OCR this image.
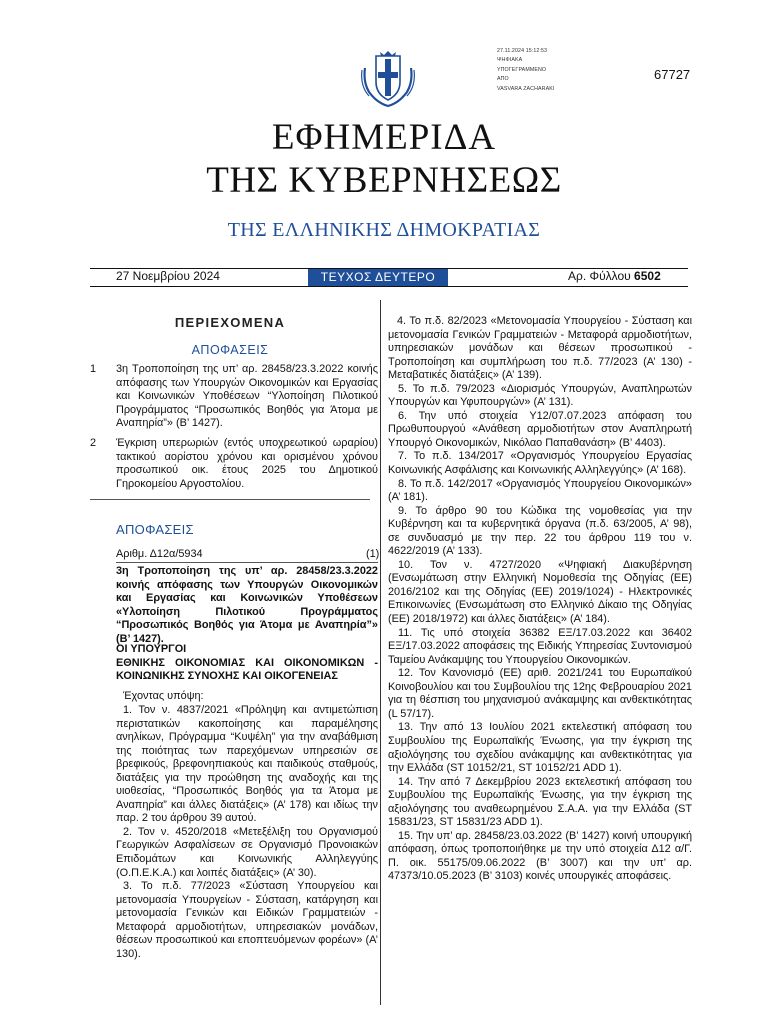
27.11.2024 15:12:53
ΨΗΦΙΑΚΑ
ΥΠΟΓΕΓΡΑΜΜΕΝΟ
ΑΠΟ
VASVARA ZACHARAKI
67727
ΕΦΗΜΕΡΙΔΑ
ΤΗΣ ΚΥΒΕΡΝΗΣΕΩΣ
ΤΗΣ ΕΛΛΗΝΙΚΗΣ ΔΗΜΟΚΡΑΤΙΑΣ
27 Νοεμβρίου 2024	ΤΕΥΧΟΣ ΔΕΥΤΕΡΟ	Αρ. Φύλλου 6502
ΠΕΡΙΕΧΟΜΕΝΑ
ΑΠΟΦΑΣΕΙΣ
1 3η Τροποποίηση της υπ’ αρ. 28458/23.3.2022 κοινής απόφασης των Υπουργών Οικονομικών και Εργασίας και Κοινωνικών Υποθέσεων “Υλοποίηση Πιλοτικού Προγράμματος “Προσωπικός Βοηθός για Άτομα με Αναπηρία”» (Β’ 1427).
2 Έγκριση υπερωριών (εντός υποχρεωτικού ωραρίου) τακτικού αορίστου χρόνου και ορισμένου χρόνου προσωπικού οικ. έτους 2025 του Δημοτικού Γηροκομείου Αργοστολίου.
ΑΠΟΦΑΣΕΙΣ
Αριθμ. Δ12α/5934	(1)
3η Τροποποίηση της υπ’ αρ. 28458/23.3.2022 κοινής απόφασης των Υπουργών Οικονομικών και Εργασίας και Κοινωνικών Υποθέσεων «Υλοποίηση Πιλοτικού Προγράμματος “Προσωπικός Βοηθός για Άτομα με Αναπηρία”» (Β’ 1427).
ΟΙ ΥΠΟΥΡΓΟΙ
ΕΘΝΙΚΗΣ ΟΙΚΟΝΟΜΙΑΣ ΚΑΙ ΟΙΚΟΝΟΜΙΚΩΝ - ΚΟΙΝΩΝΙΚΗΣ ΣΥΝΟΧΗΣ ΚΑΙ ΟΙΚΟΓΕΝΕΙΑΣ
Έχοντας υπόψη:

1. Τον ν. 4837/2021 «Πρόληψη και αντιμετώπιση περιστατικών κακοποίησης και παραμέλησης ανηλίκων, Πρόγραμμα “Κυψέλη” για την αναβάθμιση της ποιότητας των παρεχόμενων υπηρεσιών σε βρεφικούς, βρεφονηπιακούς και παιδικούς σταθμούς, διατάξεις για την προώθηση της αναδοχής και της υιοθεσίας, “Προσωπικός Βοηθός για τα Άτομα με Αναπηρία” και άλλες διατάξεις» (Α’ 178) και ιδίως την παρ. 2 του άρθρου 39 αυτού.

2. Τον ν. 4520/2018 «Μετεξέλιξη του Οργανισμού Γεωργικών Ασφαλίσεων σε Οργανισμό Προνοιακών Επιδομάτων και Κοινωνικής Αλληλεγγύης (Ο.Π.Ε.Κ.Α.) και λοιπές διατάξεις» (Α’ 30).

3. Το π.δ. 77/2023 «Σύσταση Υπουργείου και μετονομασία Υπουργείων - Σύσταση, κατάργηση και μετονομασία Γενικών και Ειδικών Γραμματειών - Μεταφορά αρμοδιοτήτων, υπηρεσιακών μονάδων, θέσεων προσωπικού και εποπτευόμενων φορέων» (Α’ 130).

4. Το π.δ. 82/2023 «Μετονομασία Υπουργείου - Σύσταση και μετονομασία Γενικών Γραμματειών - Μεταφορά αρμοδιοτήτων, υπηρεσιακών μονάδων και θέσεων προσωπικού - Τροποποίηση και συμπλήρωση του π.δ. 77/2023 (Α’ 130) - Μεταβατικές διατάξεις» (Α’ 139).

5. Το π.δ. 79/2023 «Διορισμός Υπουργών, Αναπληρωτών Υπουργών και Υφυπουργών» (Α’ 131).

6. Την υπό στοιχεία Υ12/07.07.2023 απόφαση του Πρωθυπουργού «Ανάθεση αρμοδιοτήτων στον Αναπληρωτή Υπουργό Οικονομικών, Νικόλαο Παπαθανάση» (Β’ 4403).

7. Το π.δ. 134/2017 «Οργανισμός Υπουργείου Εργασίας Κοινωνικής Ασφάλισης και Κοινωνικής Αλληλεγγύης» (Α’ 168).

8. Το π.δ. 142/2017 «Οργανισμός Υπουργείου Οικονομικών» (Α’ 181).

9. Το άρθρο 90 του Κώδικα της νομοθεσίας για την Κυβέρνηση και τα κυβερνητικά όργανα (π.δ. 63/2005, Α’ 98), σε συνδυασμό με την περ. 22 του άρθρου 119 του ν. 4622/2019 (Α’ 133).

10. Τον ν. 4727/2020 «Ψηφιακή Διακυβέρνηση (Ενσωμάτωση στην Ελληνική Νομοθεσία της Οδηγίας (ΕΕ) 2016/2102 και της Οδηγίας (ΕΕ) 2019/1024) - Ηλεκτρονικές Επικοινωνίες (Ενσωμάτωση στο Ελληνικό Δίκαιο της Οδηγίας (ΕΕ) 2018/1972) και άλλες διατάξεις» (Α’ 184).

11. Τις υπό στοιχεία 36382 ΕΞ/17.03.2022 και 36402 ΕΞ/17.03.2022 αποφάσεις της Ειδικής Υπηρεσίας Συντονισμού Ταμείου Ανάκαμψης του Υπουργείου Οικονομικών.

12. Τον Κανονισμό (ΕΕ) αριθ. 2021/241 του Ευρωπαϊκού Κοινοβουλίου και του Συμβουλίου της 12ης Φεβρουαρίου 2021 για τη θέσπιση του μηχανισμού ανάκαμψης και ανθεκτικότητας (L 57/17).

13. Την από 13 Ιουλίου 2021 εκτελεστική απόφαση του Συμβουλίου της Ευρωπαϊκής Ένωσης, για την έγκριση της αξιολόγησης του σχεδίου ανάκαμψης και ανθεκτικότητας για την Ελλάδα (ST 10152/21, ST 10152/21 ADD 1).

14. Την από 7 Δεκεμβρίου 2023 εκτελεστική απόφαση του Συμβουλίου της Ευρωπαϊκής Ένωσης, για την έγκριση της αξιολόγησης του αναθεωρημένου Σ.Α.Α. για την Ελλάδα (ST 15831/23, ST 15831/23 ADD 1).

15. Την υπ’ αρ. 28458/23.03.2022 (Β’ 1427) κοινή υπουργική απόφαση, όπως τροποποιήθηκε με την υπό στοιχεία Δ12 α/Γ. Π. οικ. 55175/09.06.2022 (Β’ 3007) και την υπ’ αρ. 47373/10.05.2023 (Β’ 3103) κοινές υπουργικές αποφάσεις.
